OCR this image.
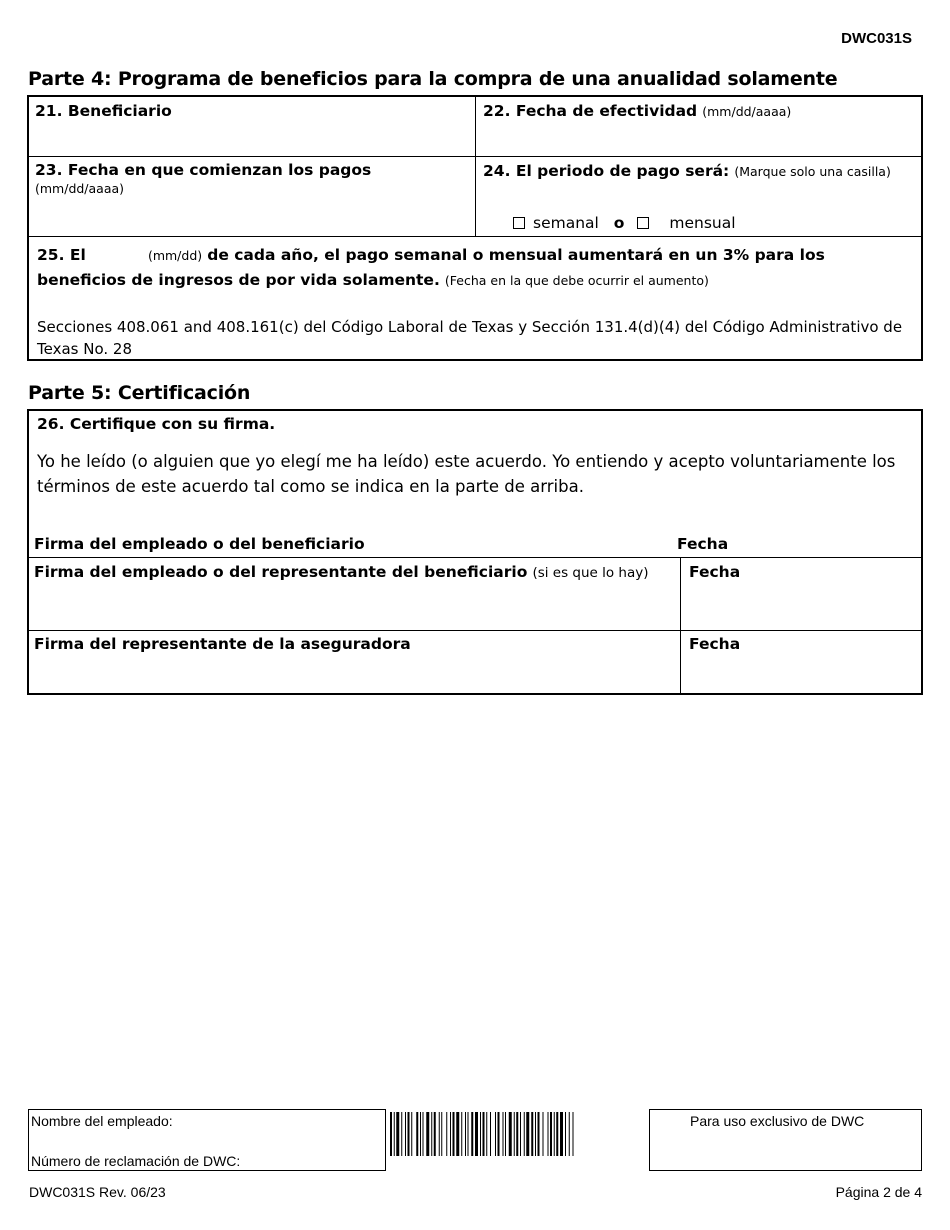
DWC031S
Parte 4: Programa de beneficios para la compra de una anualidad solamente
21. Beneficiario	22. Fecha de efectividad (mm/dd/aaaa)
23. Fecha en que comienzan los pagos
(mm/dd/aaaa)
24. El periodo de pago será: (Marque solo una casilla)
semanal o	mensual
25. El	(mm/dd) de cada año, el pago semanal o mensual aumentará en un 3% para los beneficios de ingresos de por vida solamente. (Fecha en la que debe ocurrir el aumento)
Secciones 408.061 and 408.161(c) del Código Laboral de Texas y Sección 131.4(d)(4) del Código Administrativo de Texas No. 28
Parte 5: Certificación
26. Certifique con su firma.
Yo he leído (o alguien que yo elegí me ha leído) este acuerdo. Yo entiendo y acepto voluntariamente los términos de este acuerdo tal como se indica en la parte de arriba.
Firma del empleado o del beneficiario	Fecha
Firma del empleado o del representante del beneficiario (si es que lo hay)	Fecha
Firma del representante de la aseguradora	Fecha
Nombre del empleado:
Número de reclamación de DWC:
Para uso exclusivo de DWC
DWC031S Rev. 06/23	Página 2 de 4
